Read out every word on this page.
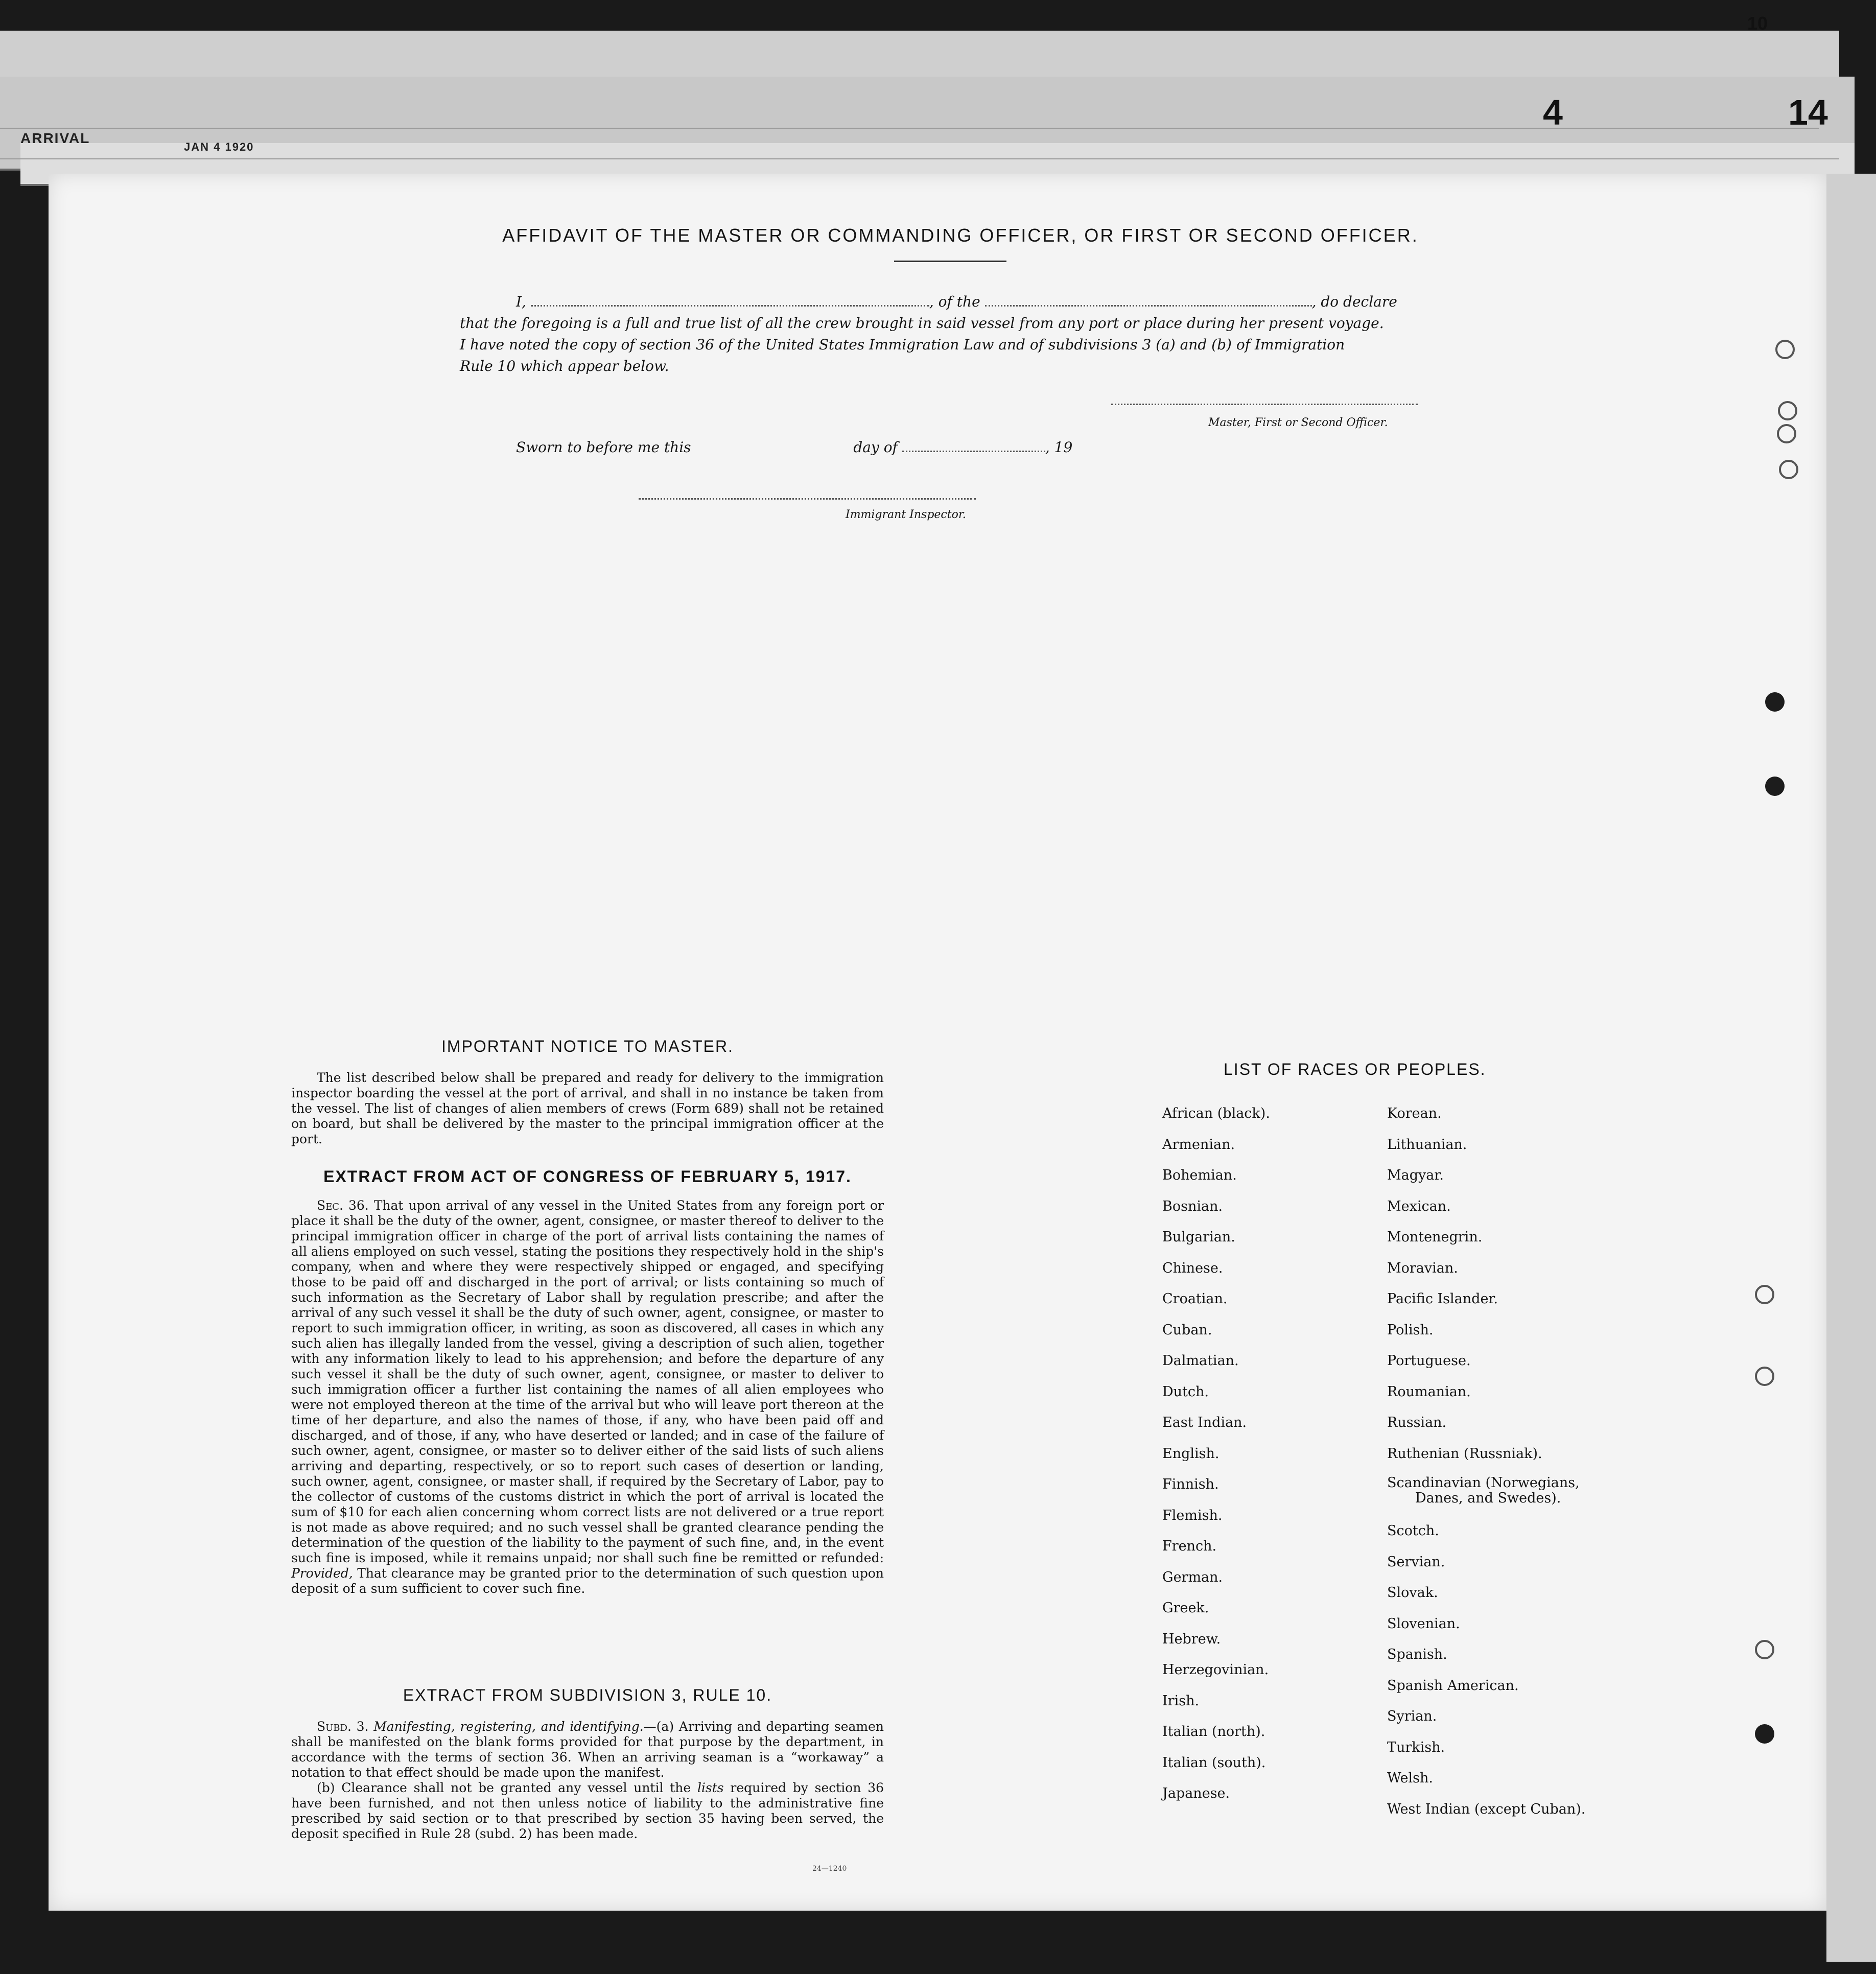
ARRIVAL
JAN 4 1920
10
4	14
AFFIDAVIT OF THE MASTER OR COMMANDING OFFICER, OR FIRST OR SECOND OFFICER.
I,	, of the	, do declare
that the foregoing is a full and true list of all the crew brought in said vessel from any port or place during her present voyage.
I have noted the copy of section 36 of the United States Immigration Law and of subdivisions 3 (a) and (b) of Immigration
Rule 10 which appear below.
Master, First or Second Officer.
Sworn to before me this	day of	, 19
Immigrant Inspector.
IMPORTANT NOTICE TO MASTER.

The list described below shall be prepared and ready for delivery to the immigration inspector boarding the vessel at the port of arrival, and shall in no instance be taken from the vessel. The list of changes of alien members of crews (Form 689) shall not be retained on board, but shall be delivered by the master to the principal immigration officer at the port.

EXTRACT FROM ACT OF CONGRESS OF FEBRUARY 5, 1917.

Sec. 36. That upon arrival of any vessel in the United States from any foreign port or place it shall be the duty of the owner, agent, consignee, or master thereof to deliver to the principal immigration officer in charge of the port of arrival lists containing the names of all aliens employed on such vessel, stating the positions they respectively hold in the ship's company, when and where they were respectively shipped or engaged, and specifying those to be paid off and discharged in the port of arrival; or lists containing so much of such information as the Secretary of Labor shall by regulation prescribe; and after the arrival of any such vessel it shall be the duty of such owner, agent, consignee, or master to report to such immigration officer, in writing, as soon as discovered, all cases in which any such alien has illegally landed from the vessel, giving a description of such alien, together with any information likely to lead to his apprehension; and before the departure of any such vessel it shall be the duty of such owner, agent, consignee, or master to deliver to such immigration officer a further list containing the names of all alien employees who were not employed thereon at the time of the arrival but who will leave port thereon at the time of her departure, and also the names of those, if any, who have been paid off and discharged, and of those, if any, who have deserted or landed; and in case of the failure of such owner, agent, consignee, or master so to deliver either of the said lists of such aliens arriving and departing, respectively, or so to report such cases of desertion or landing, such owner, agent, consignee, or master shall, if required by the Secretary of Labor, pay to the collector of customs of the customs district in which the port of arrival is located the sum of $10 for each alien concerning whom correct lists are not delivered or a true report is not made as above required; and no such vessel shall be granted clearance pending the determination of the question of the liability to the payment of such fine, and, in the event such fine is imposed, while it remains unpaid; nor shall such fine be remitted or refunded: Provided, That clearance may be granted prior to the determination of such question upon deposit of a sum sufficient to cover such fine.

EXTRACT FROM SUBDIVISION 3, RULE 10.

Subd. 3. Manifesting, registering, and identifying.—(a) Arriving and departing seamen shall be manifested on the blank forms provided for that purpose by the department, in accordance with the terms of section 36. When an arriving seaman is a “workaway” a notation to that effect should be made upon the manifest.

(b) Clearance shall not be granted any vessel until the lists required by section 36 have been furnished, and not then unless notice of liability to the administrative fine prescribed by said section or to that prescribed by section 35 having been served, the deposit specified in Rule 28 (subd. 2) has been made.

24—1240
LIST OF RACES OR PEOPLES.
African (black).
Armenian.
Bohemian.
Bosnian.
Bulgarian.
Chinese.
Croatian.
Cuban.
Dalmatian.
Dutch.
East Indian.
English.
Finnish.
Flemish.
French.
German.
Greek.
Hebrew.
Herzegovinian.
Irish.
Italian (north).
Italian (south).
Japanese.
Korean.
Lithuanian.
Magyar.
Mexican.
Montenegrin.
Moravian.
Pacific Islander.
Polish.
Portuguese.
Roumanian.
Russian.
Ruthenian (Russniak).
Scandinavian (Norwegians,
Danes, and Swedes).
Scotch.
Servian.
Slovak.
Slovenian.
Spanish.
Spanish American.
Syrian.
Turkish.
Welsh.
West Indian (except Cuban).
